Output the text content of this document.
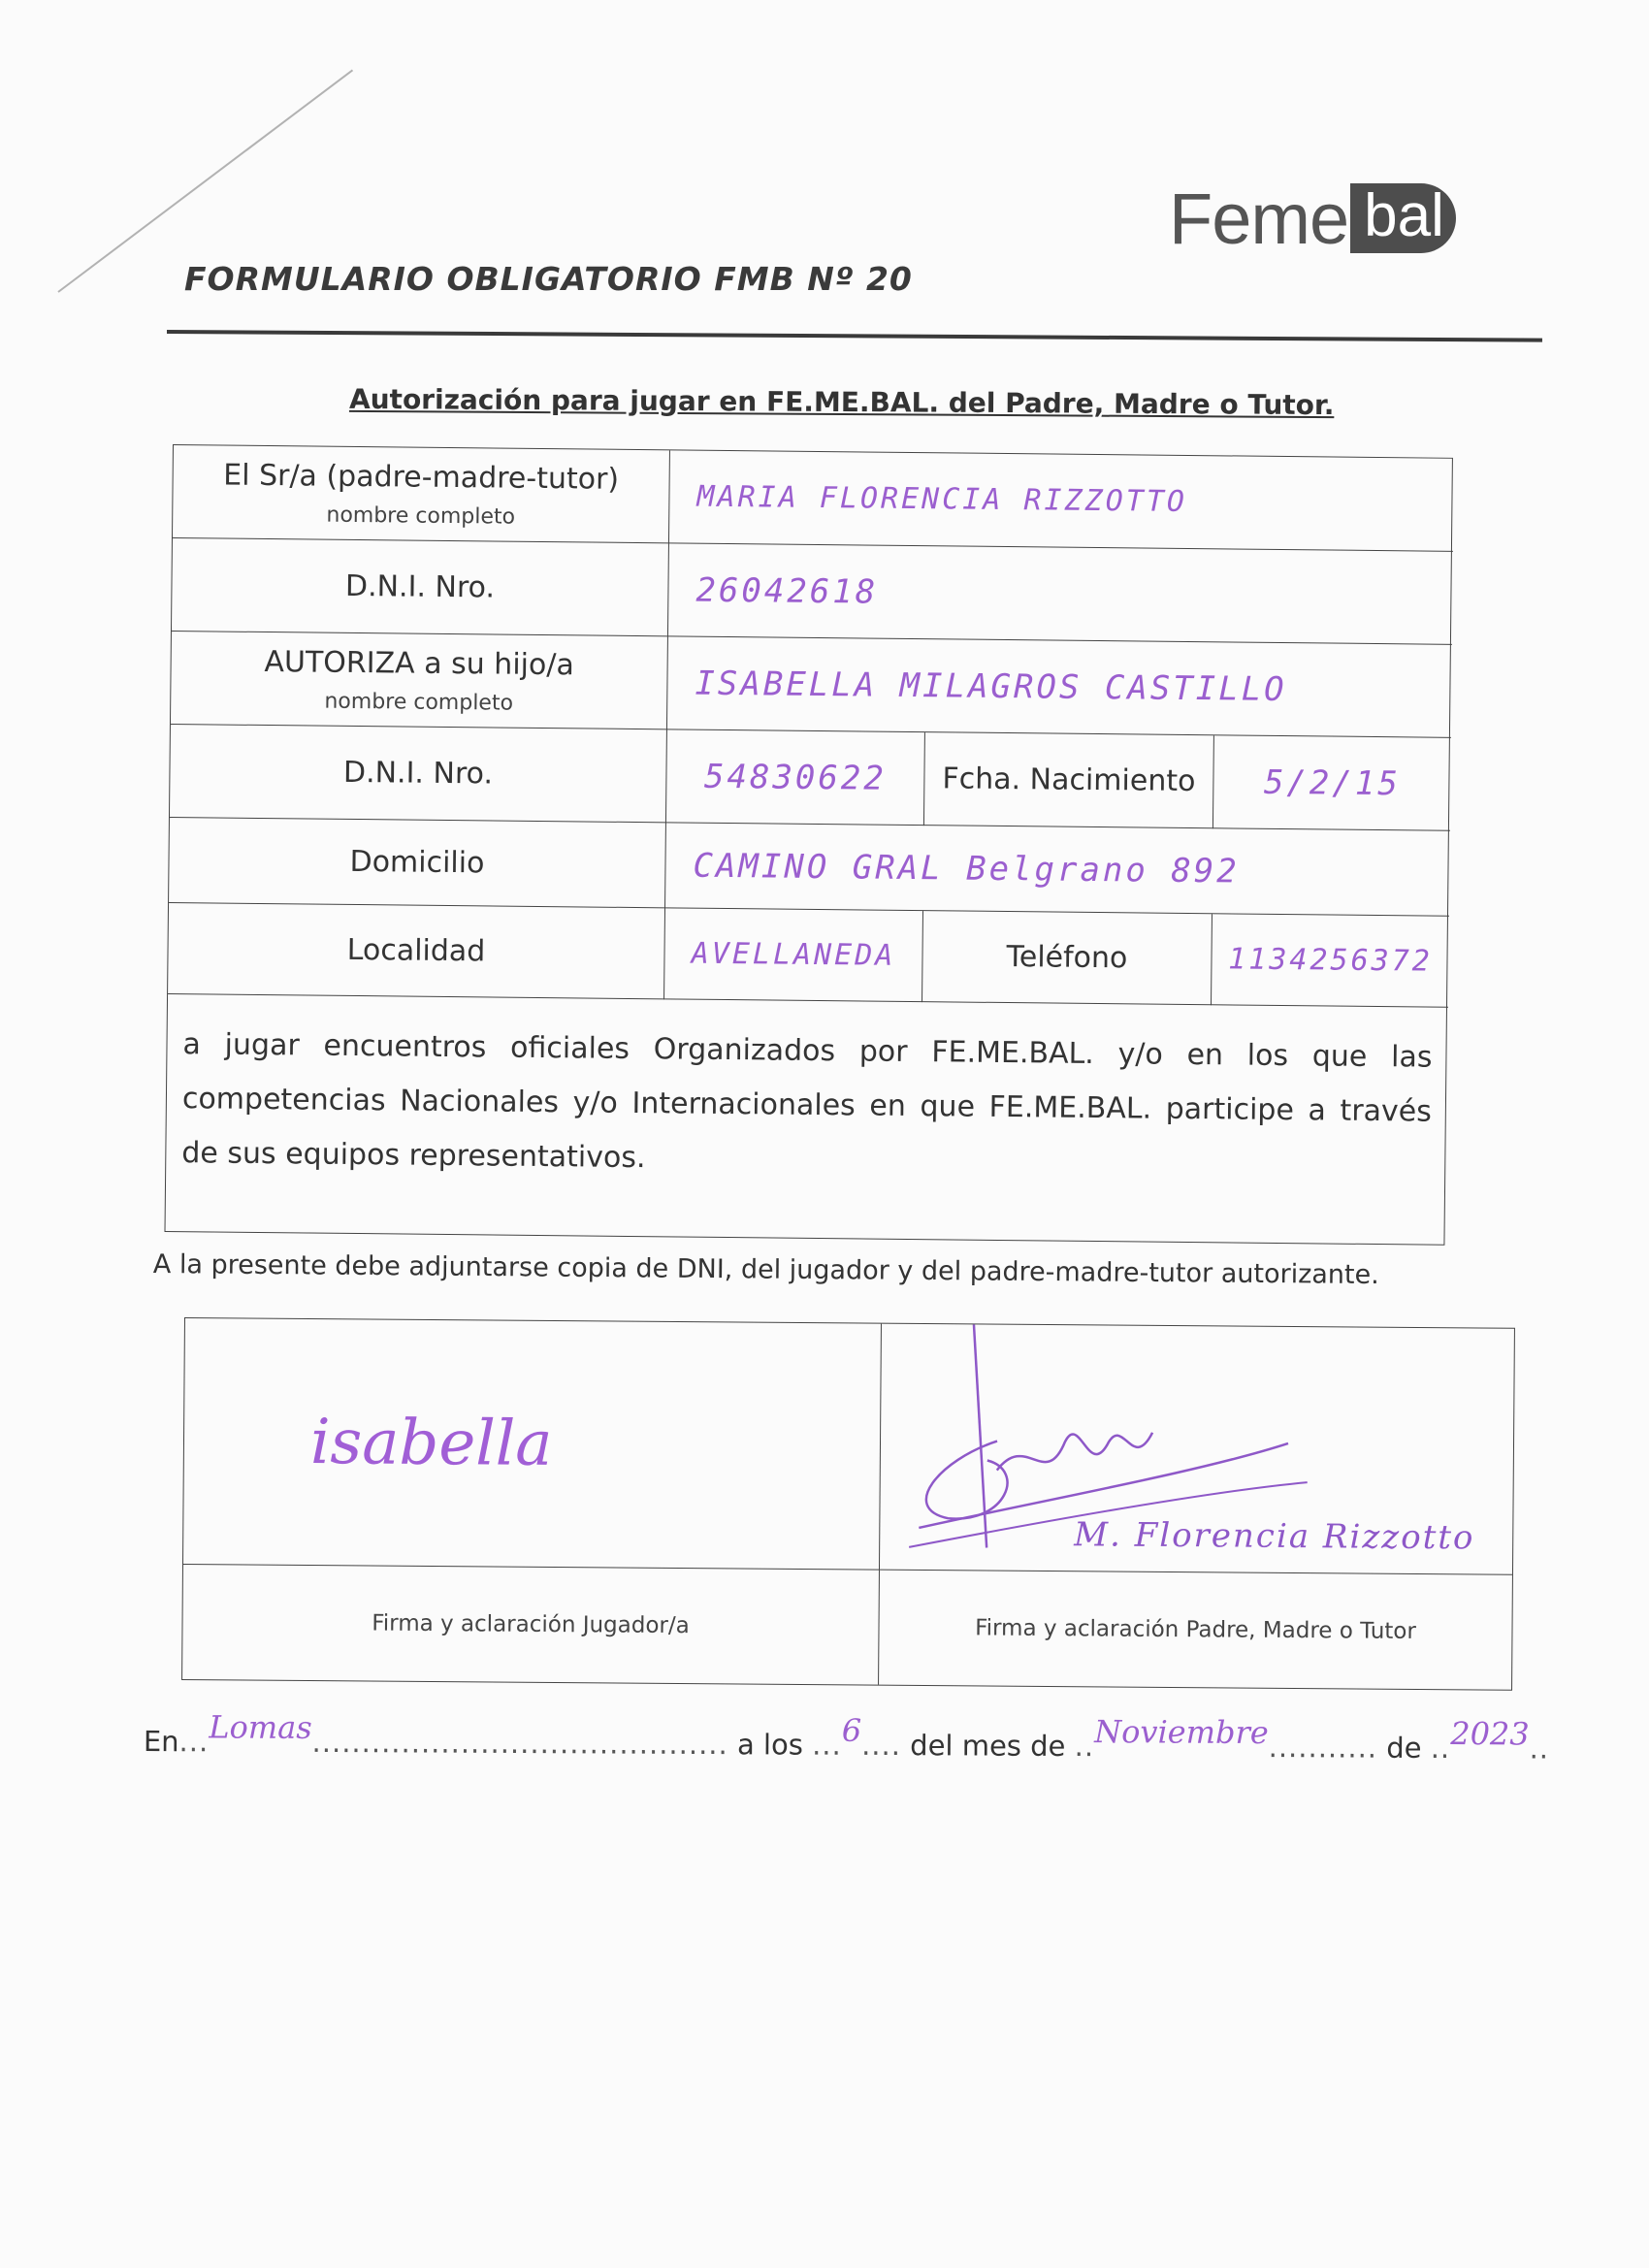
Feme bal
FORMULARIO OBLIGATORIO FMB Nº 20
Autorización para jugar en FE.ME.BAL. del Padre, Madre o Tutor.
El Sr/a (padre-madre-tutor)
nombre completo	MARIA FLORENCIA RIZZOTTO
D.N.I. Nro.	26042618
AUTORIZA a su hijo/a
nombre completo	ISABELLA MILAGROS CASTILLO
D.N.I. Nro.	54830622 Fcha. Nacimiento 5/2/15
Domicilio	CAMINO GRAL Belgrano 892
Localidad	AVELLANEDA	Teléfono	1134256372
a jugar encuentros oficiales Organizados por FE.ME.BAL. y/o en los que las competencias Nacionales y/o Internacionales en que FE.ME.BAL. participe a través de sus equipos representativos.
A la presente debe adjuntarse copia de DNI, del jugador y del padre-madre-tutor autorizante.
isabella
M. Florencia Rizzotto
Firma y aclaración Jugador/a	Firma y aclaración Padre, Madre o Tutor
En...Lomas.......................................... a los ...6.... del mes de ..Noviembre........... de ..2023..
